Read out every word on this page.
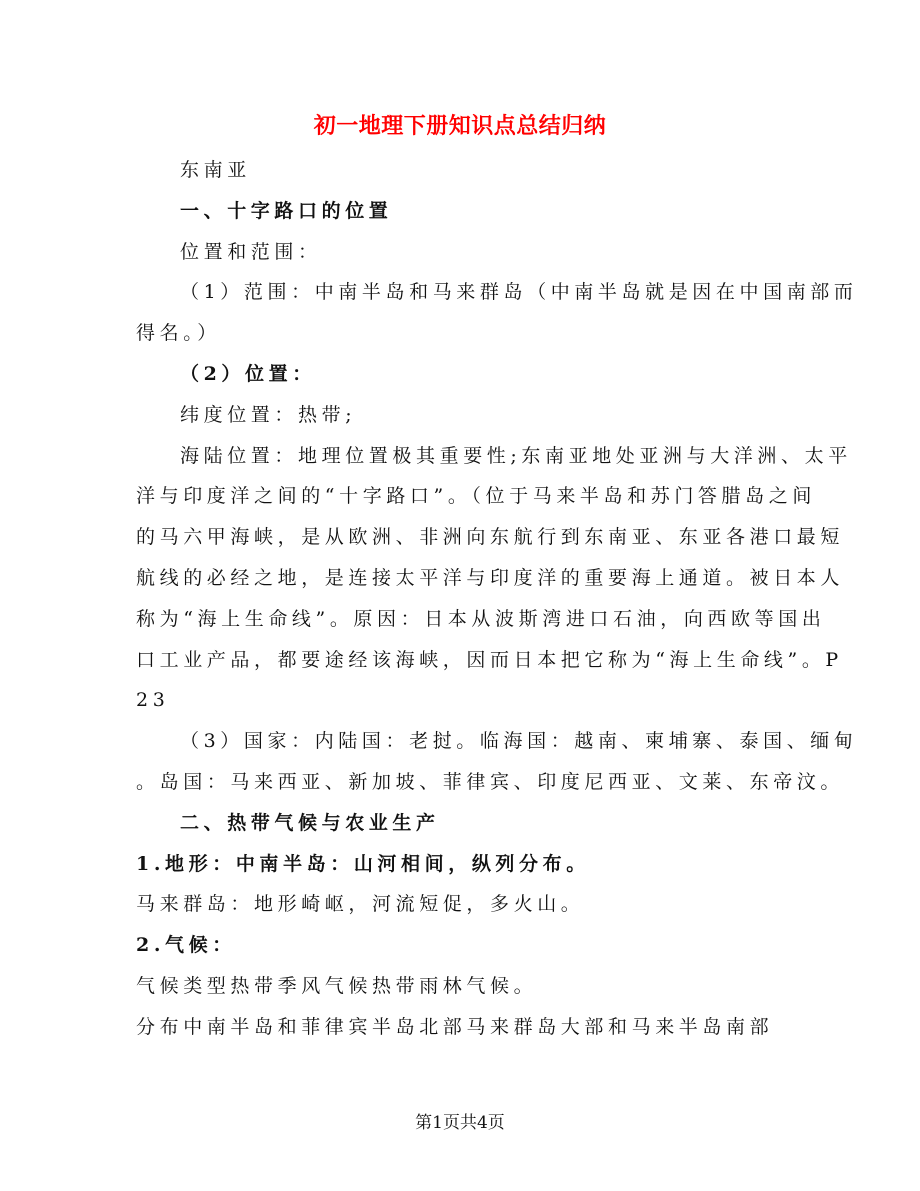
初一地理下册知识点总结归纳

东南亚

一、十字路口的位置

位置和范围：

（1）范围：中南半岛和马来群岛（中南半岛就是因在中国南部而
得名。）

（2）位置：

纬度位置：热带;

海陆位置：地理位置极其重要性;东南亚地处亚洲与大洋洲、太平
洋与印度洋之间的“十字路口”。（位于马来半岛和苏门答腊岛之间
的马六甲海峡，是从欧洲、非洲向东航行到东南亚、东亚各港口最短
航线的必经之地，是连接太平洋与印度洋的重要海上通道。被日本人
称为“海上生命线”。原因：日本从波斯湾进口石油，向西欧等国出
口工业产品，都要途经该海峡，因而日本把它称为“海上生命线”。P
23

（3）国家：内陆国：老挝。临海国：越南、柬埔寨、泰国、缅甸
。岛国：马来西亚、新加坡、菲律宾、印度尼西亚、文莱、东帝汶。

二、热带气候与农业生产

1.地形：中南半岛：山河相间，纵列分布。

马来群岛：地形崎岖，河流短促，多火山。

2.气候：

气候类型热带季风气候热带雨林气候。

分布中南半岛和菲律宾半岛北部马来群岛大部和马来半岛南部

第1页共4页
